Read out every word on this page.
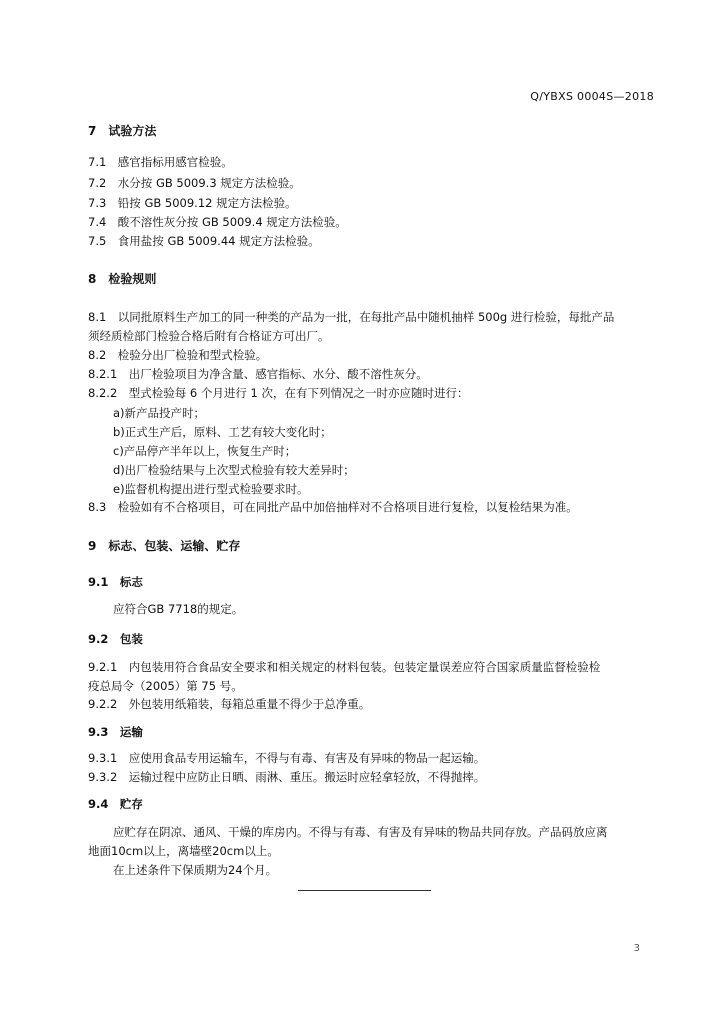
Q/YBXS 0004S—2018
7　试验方法
7.1　感官指标用感官检验。
7.2　水分按 GB 5009.3 规定方法检验。
7.3　铅按 GB 5009.12 规定方法检验。
7.4　酸不溶性灰分按 GB 5009.4 规定方法检验。
7.5　食用盐按 GB 5009.44 规定方法检验。
8　检验规则
8.1　以同批原料生产加工的同一种类的产品为一批，在每批产品中随机抽样 500g 进行检验，每批产品
须经质检部门检验合格后附有合格证方可出厂。
8.2　检验分出厂检验和型式检验。
8.2.1　出厂检验项目为净含量、感官指标、水分、酸不溶性灰分。
8.2.2　型式检验每 6 个月进行 1 次，在有下列情况之一时亦应随时进行：
a)新产品投产时；
b)正式生产后，原料、工艺有较大变化时；
c)产品停产半年以上，恢复生产时；
d)出厂检验结果与上次型式检验有较大差异时；
e)监督机构提出进行型式检验要求时。
8.3　检验如有不合格项目，可在同批产品中加倍抽样对不合格项目进行复检，以复检结果为准。
9　标志、包装、运输、贮存
9.1　标志
应符合GB 7718的规定。
9.2　包装
9.2.1　内包装用符合食品安全要求和相关规定的材料包装。包装定量误差应符合国家质量监督检验检
疫总局令（2005）第 75 号。
9.2.2　外包装用纸箱装，每箱总重量不得少于总净重。
9.3　运输
9.3.1　应使用食品专用运输车，不得与有毒、有害及有异味的物品一起运输。
9.3.2　运输过程中应防止日晒、雨淋、重压。搬运时应轻拿轻放，不得抛摔。
9.4　贮存
应贮存在阴凉、通风、干燥的库房内。不得与有毒、有害及有异味的物品共同存放。产品码放应离
地面10cm以上，离墙壁20cm以上。
在上述条件下保质期为24个月。
3
